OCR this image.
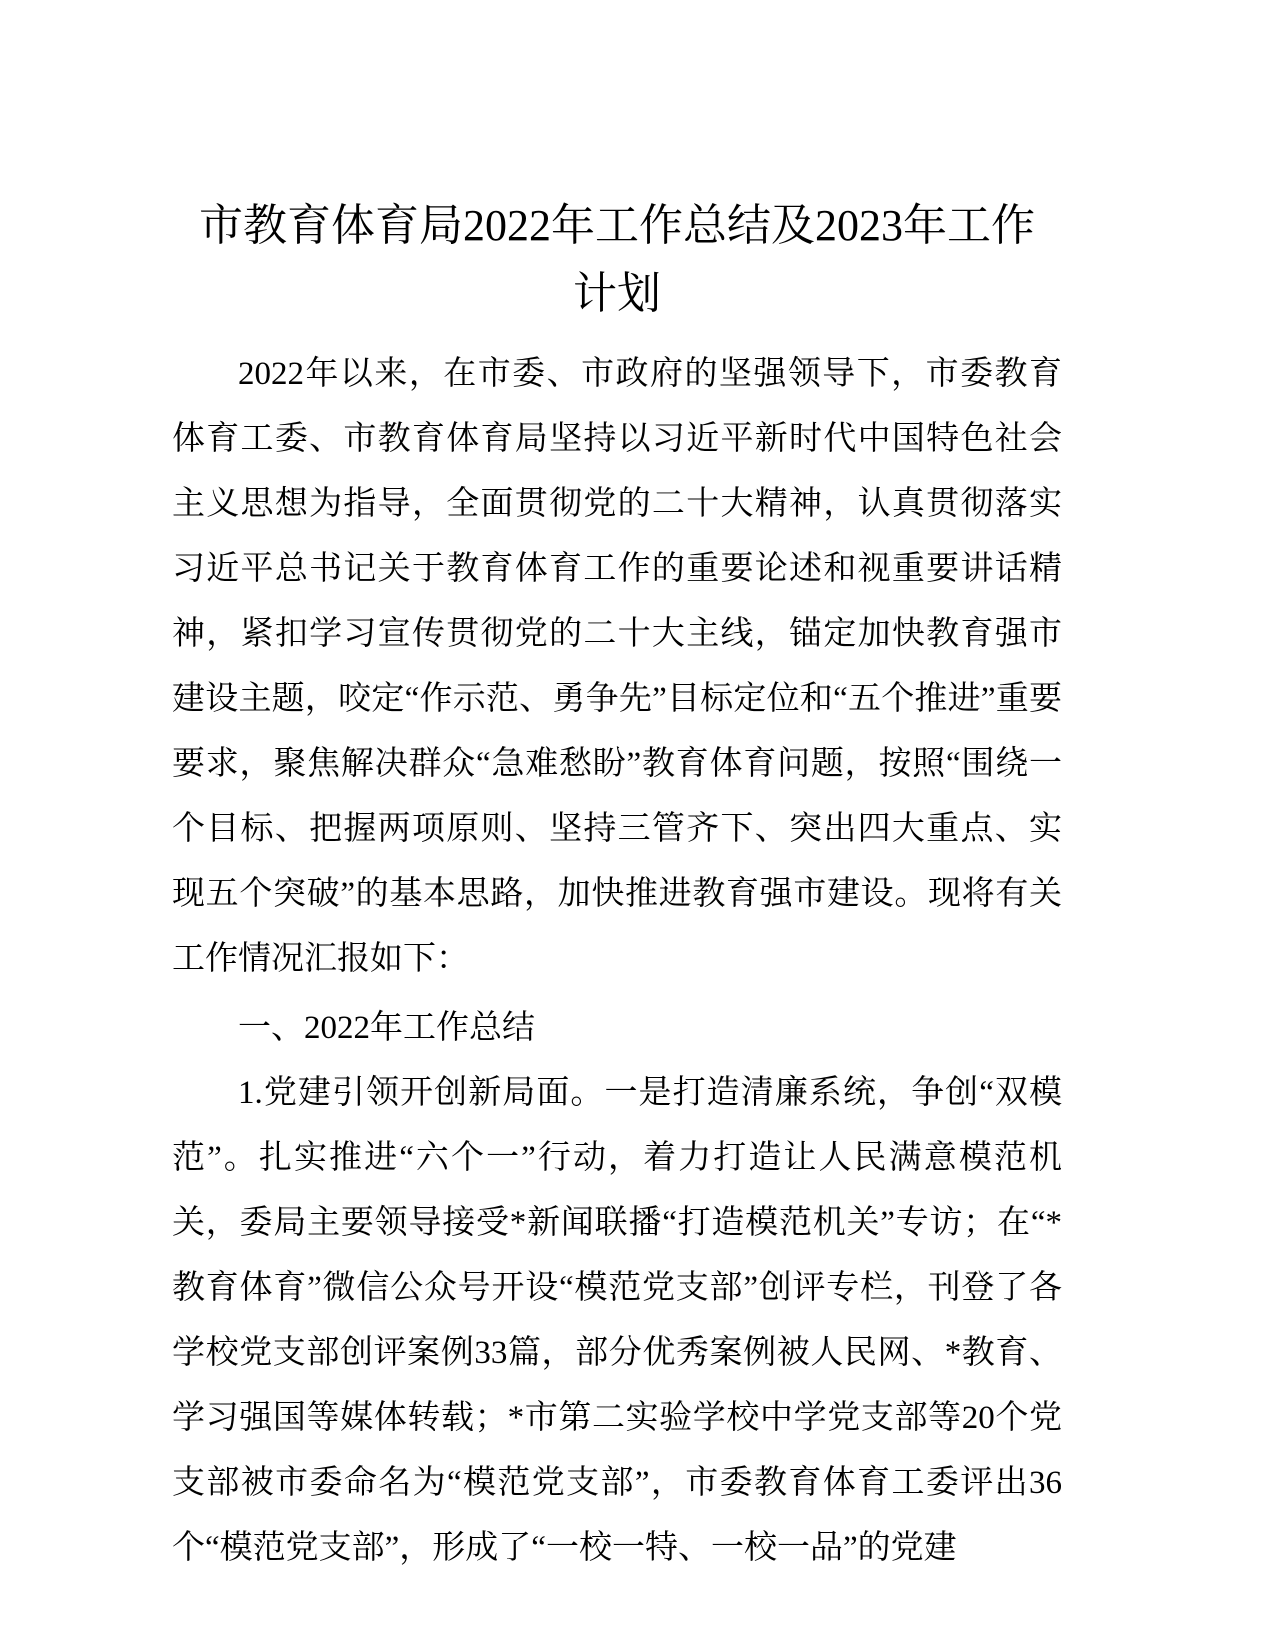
市教育体育局2022年工作总结及2023年工作计划

2022年以来，在市委、市政府的坚强领导下，市委教育体育工委、市教育体育局坚持以习近平新时代中国特色社会主义思想为指导，全面贯彻党的二十大精神，认真贯彻落实习近平总书记关于教育体育工作的重要论述和视重要讲话精神，紧扣学习宣传贯彻党的二十大主线，锚定加快教育强市建设主题，咬定“作示范、勇争先”目标定位和“五个推进”重要要求，聚焦解决群众“急难愁盼”教育体育问题，按照“围绕一个目标、把握两项原则、坚持三管齐下、突出四大重点、实现五个突破”的基本思路，加快推进教育强市建设。现将有关工作情况汇报如下：

一、2022年工作总结

1.党建引领开创新局面。一是打造清廉系统，争创“双模范”。扎实推进“六个一”行动，着力打造让人民满意模范机关，委局主要领导接受*新闻联播“打造模范机关”专访；在“*教育体育”微信公众号开设“模范党支部”创评专栏，刊登了各学校党支部创评案例33篇，部分优秀案例被人民网、*教育、学习强国等媒体转载；*市第二实验学校中学党支部等20个党支部被市委命名为“模范党支部”，市委教育体育工委评出36个“模范党支部”，形成了“一校一特、一校一品”的党建
